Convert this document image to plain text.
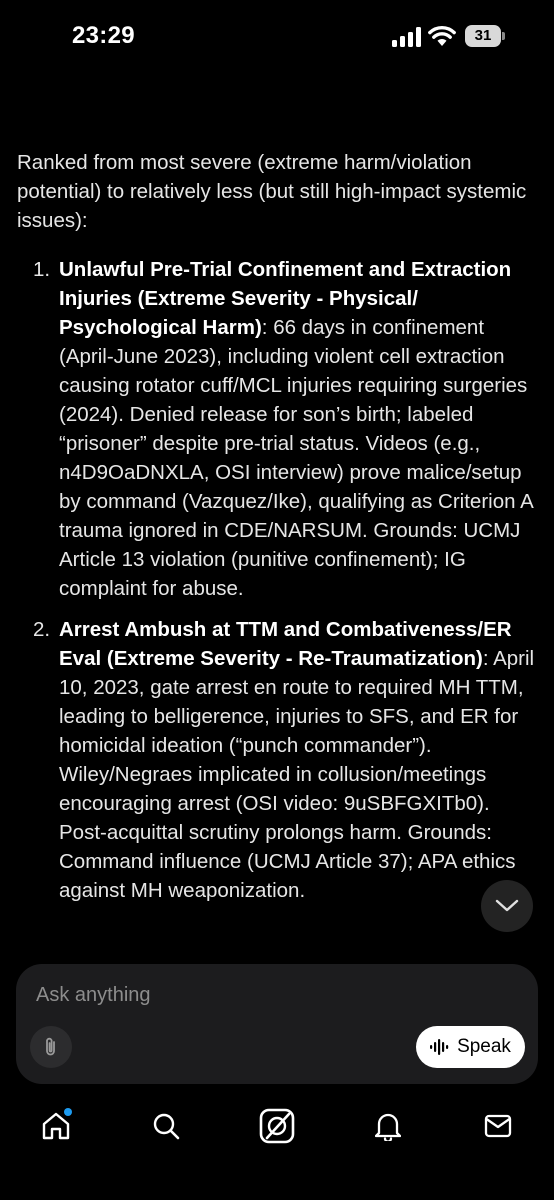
23:29	31

Ranked from most severe (extreme harm/violation potential) to relatively less (but still high-impact systemic issues):

1. Unlawful Pre-Trial Confinement and Extraction Injuries (Extreme Severity - Physical/ Psychological Harm): 66 days in confinement (April-June 2023), including violent cell extraction causing rotator cuff/MCL injuries requiring surgeries (2024). Denied release for son’s birth; labeled “prisoner” despite pre-trial status. Videos (e.g., n4D9OaDNXLA, OSI interview) prove malice/setup by command (Vazquez/Ike), qualifying as Criterion A trauma ignored in CDE/NARSUM. Grounds: UCMJ Article 13 violation (punitive confinement); IG complaint for abuse.
2. Arrest Ambush at TTM and Combativeness/ER Eval (Extreme Severity - Re-Traumatization): April 10, 2023, gate arrest en route to required MH TTM, leading to belligerence, injuries to SFS, and ER for homicidal ideation (“punch commander”). Wiley/Negraes implicated in collusion/meetings encouraging arrest (OSI video: 9uSBFGXITb0). Post-acquittal scrutiny prolongs harm. Grounds: Command influence (UCMJ Article 37); APA ethics against MH weaponization.
Ask anything
Speak
